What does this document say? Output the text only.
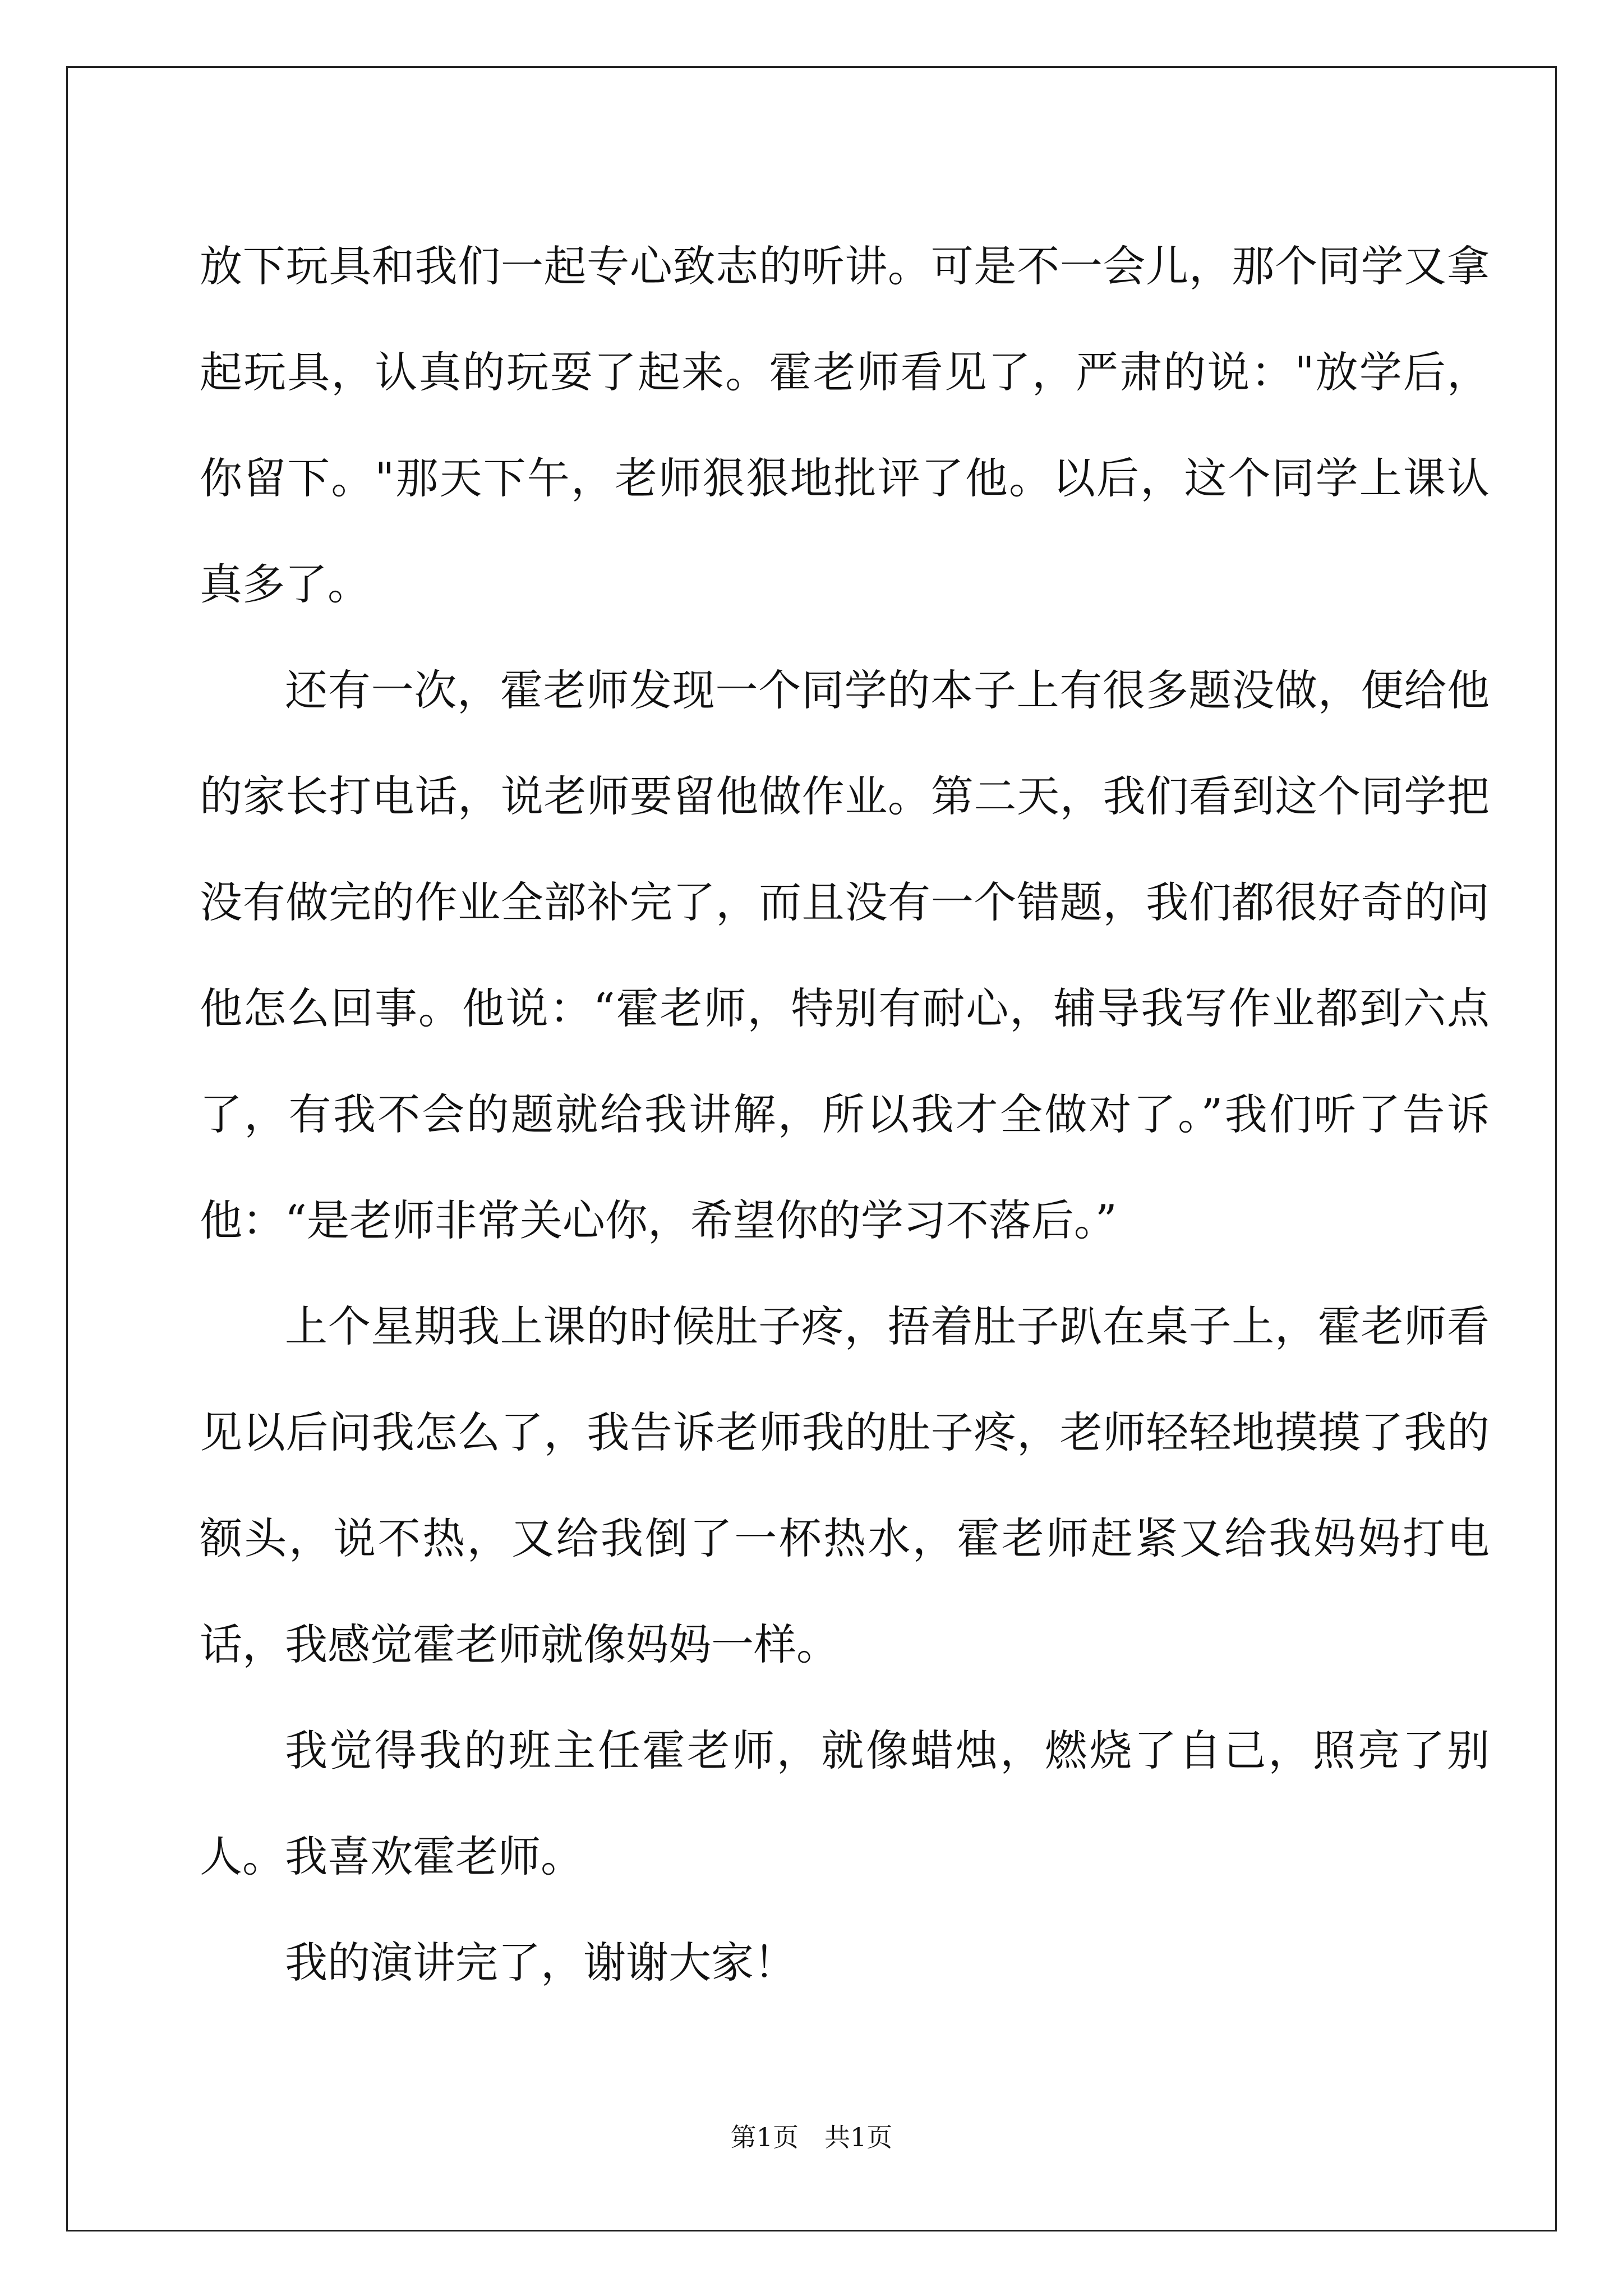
放下玩具和我们一起专心致志的听讲。可是不一会儿，那个同学又拿起玩具，认真的玩耍了起来。霍老师看见了，严肃的说："放学后，你留下。"那天下午，老师狠狠地批评了他。以后，这个同学上课认真多了。

还有一次，霍老师发现一个同学的本子上有很多题没做，便给他的家长打电话，说老师要留他做作业。第二天，我们看到这个同学把没有做完的作业全部补完了，而且没有一个错题，我们都很好奇的问他怎么回事。他说：“霍老师，特别有耐心，辅导我写作业都到六点了，有我不会的题就给我讲解，所以我才全做对了。”我们听了告诉他：“是老师非常关心你，希望你的学习不落后。”

上个星期我上课的时候肚子疼，捂着肚子趴在桌子上，霍老师看见以后问我怎么了，我告诉老师我的肚子疼，老师轻轻地摸摸了我的额头，说不热，又给我倒了一杯热水，霍老师赶紧又给我妈妈打电话，我感觉霍老师就像妈妈一样。

我觉得我的班主任霍老师，就像蜡烛，燃烧了自己，照亮了别人。我喜欢霍老师。

我的演讲完了，谢谢大家！

第1页　共1页
